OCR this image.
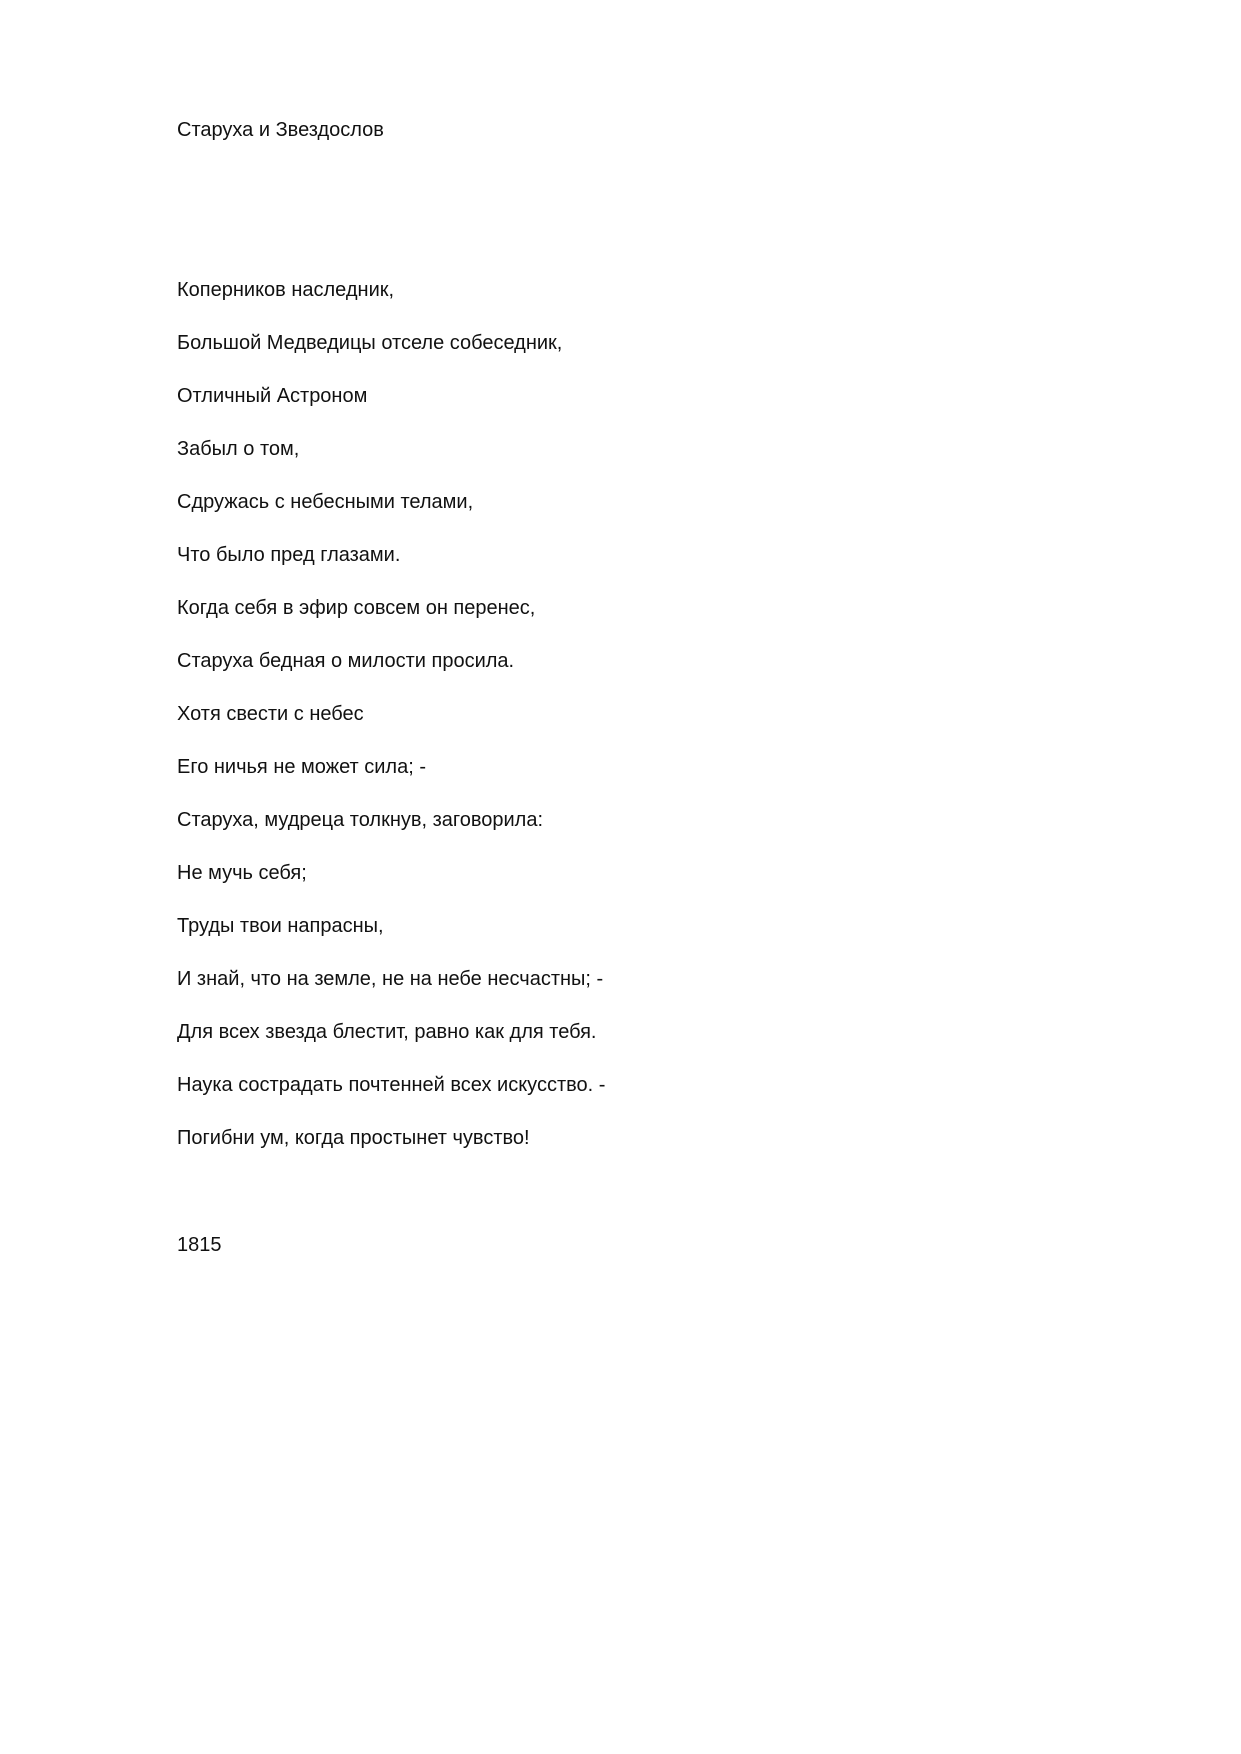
Старуха и Звездослов
Коперников наследник,
Большой Медведицы отселе собеседник,
Отличный Астроном
Забыл о том,
Сдружась с небесными телами,
Что было пред глазами.
Когда себя в эфир совсем он перенес,
Старуха бедная о милости просила.
Хотя свести с небес
Его ничья не может сила; -
Старуха, мудреца толкнув, заговорила:
Не мучь себя;
Труды твои напрасны,
И знай, что на земле, не на небе несчастны; -
Для всех звезда блестит, равно как для тебя.
Наука сострадать почтенней всех искусство. -
Погибни ум, когда простынет чувство!
1815
